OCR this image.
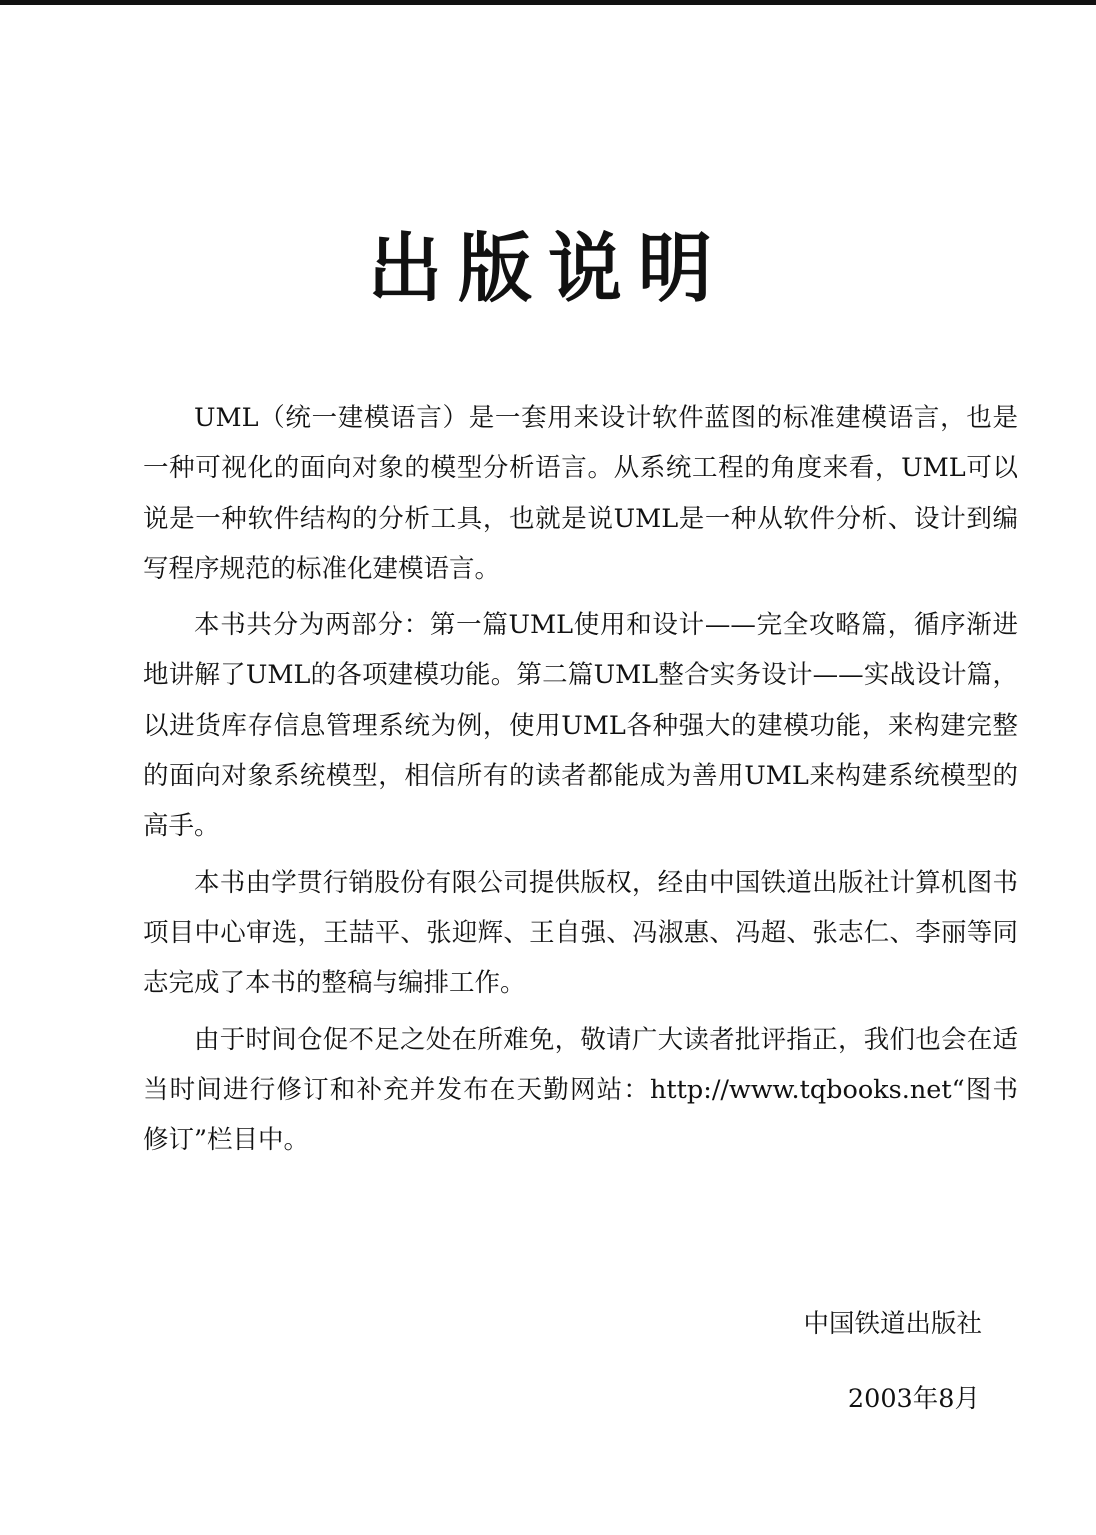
出版说明

UML（统一建模语言）是一套用来设计软件蓝图的标准建模语言，也是一种可视化的面向对象的模型分析语言。从系统工程的角度来看，UML可以说是一种软件结构的分析工具，也就是说UML是一种从软件分析、设计到编写程序规范的标准化建模语言。

本书共分为两部分：第一篇UML使用和设计——完全攻略篇，循序渐进地讲解了UML的各项建模功能。第二篇UML整合实务设计——实战设计篇，以进货库存信息管理系统为例，使用UML各种强大的建模功能，来构建完整的面向对象系统模型，相信所有的读者都能成为善用UML来构建系统模型的高手。

本书由学贯行销股份有限公司提供版权，经由中国铁道出版社计算机图书项目中心审选，王喆平、张迎辉、王自强、冯淑惠、冯超、张志仁、李丽等同志完成了本书的整稿与编排工作。

由于时间仓促不足之处在所难免，敬请广大读者批评指正，我们也会在适当时间进行修订和补充并发布在天勤网站：http://www.tqbooks.net“图书修订”栏目中。

中国铁道出版社
2003年8月
